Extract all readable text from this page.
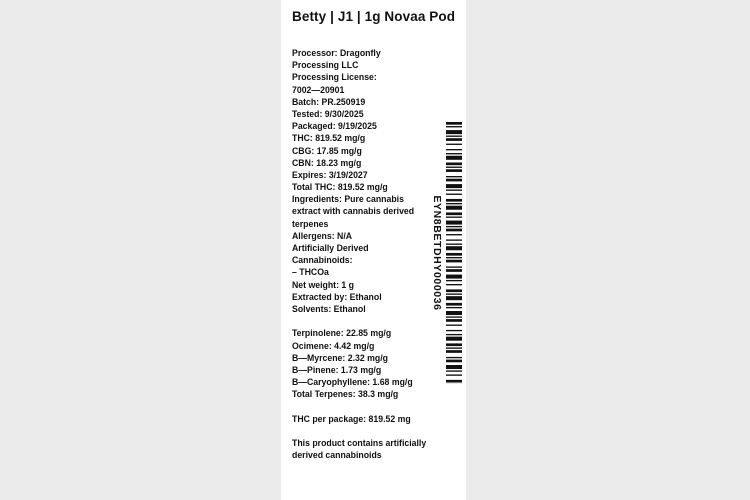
Betty | J1 | 1g Novaa Pod
Processor: Dragonfly
Processing LLC
Processing License:
7002—20901
Batch: PR.250919
Tested: 9/30/2025
Packaged: 9/19/2025
THC: 819.52 mg/g
CBG: 17.85 mg/g
CBN: 18.23 mg/g
Expires: 3/19/2027
Total THC: 819.52 mg/g
Ingredients: Pure cannabis
extract with cannabis derived
terpenes
Allergens: N/A
Artificially Derived
Cannabinoids:
– THCOa
Net weight: 1 g
Extracted by: Ethanol
Solvents: Ethanol
Terpinolene: 22.85 mg/g
Ocimene: 4.42 mg/g
B—Myrcene: 2.32 mg/g
B—Pinene: 1.73 mg/g
B—Caryophyllene: 1.68 mg/g
Total Terpenes: 38.3 mg/g
THC per package: 819.52 mg
This product contains artificially
derived cannabinoids
EYN8BETDHY000036
